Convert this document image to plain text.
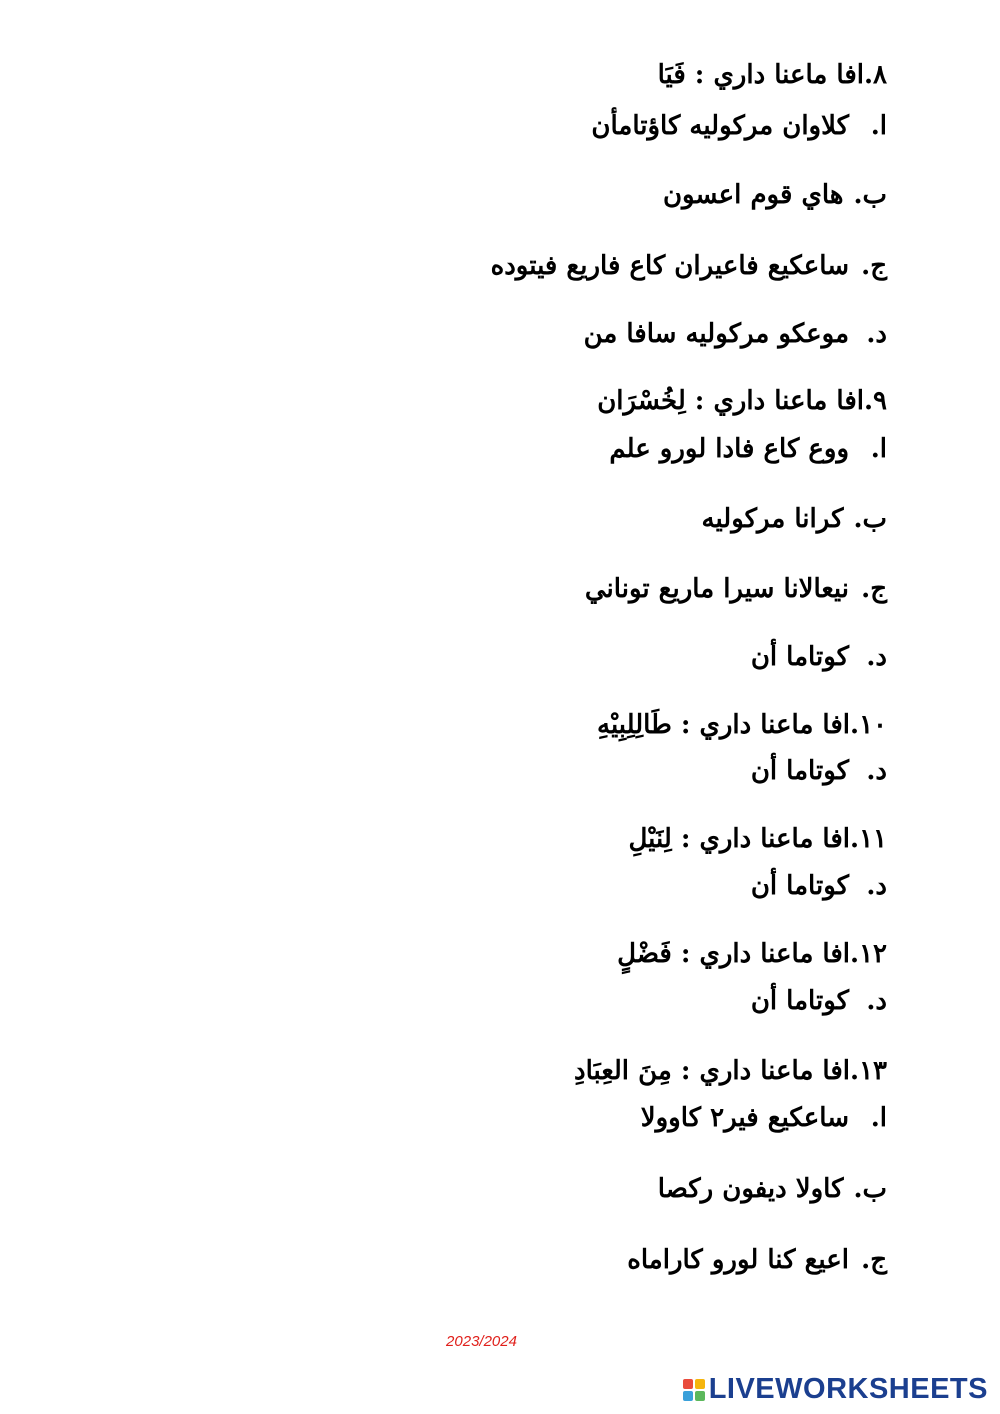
٨.افا ماعنا داري : فَيَا
ا.كلاوان مركوليه كاؤتامأن
ب.هاي قوم اعسون
ج.ساعكيع فاعيران كاع فاريع فيتوده
د.موعكو مركوليه سافا من
٩.افا ماعنا داري : لِخُسْرَان
ا.ووع كاع فادا لورو علم
ب.كرانا مركوليه
ج.نيعالانا سيرا ماريع توناني
د.كوتاما أن
١٠.افا ماعنا داري : طَالِلِبِيْهِ
د.كوتاما أن
١١.افا ماعنا داري : لِنَيْلِ
د.كوتاما أن
١٢.افا ماعنا داري : فَضْلٍ
د.كوتاما أن
١٣.افا ماعنا داري : مِنَ العِبَادِ
ا.ساعكيع فير٢ كاوولا
ب.كاولا ديفون ركصا
ج.اعيع كنا لورو كاراماه
2023/2024
LIVEWORKSHEETS
